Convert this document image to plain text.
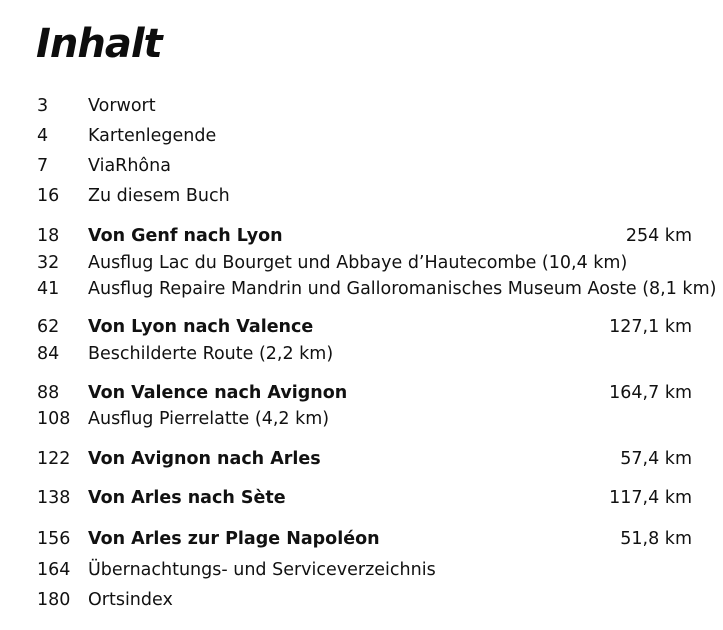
Inhalt
3 Vorwort
4 Kartenlegende
7 ViaRhôna
16 Zu diesem Buch
18 Von Genf nach Lyon	254 km
32 Ausflug Lac du Bourget und Abbaye d’Hautecombe (10,4 km)
41 Ausflug Repaire Mandrin und Galloromanisches Museum Aoste (8,1 km)
62 Von Lyon nach Valence	127,1 km
84 Beschilderte Route (2,2 km)
88 Von Valence nach Avignon	164,7 km
108 Ausflug Pierrelatte (4,2 km)
122 Von Avignon nach Arles	57,4 km
138 Von Arles nach Sète	117,4 km
156 Von Arles zur Plage Napoléon	51,8 km
164 Übernachtungs- und Serviceverzeichnis
180 Ortsindex
